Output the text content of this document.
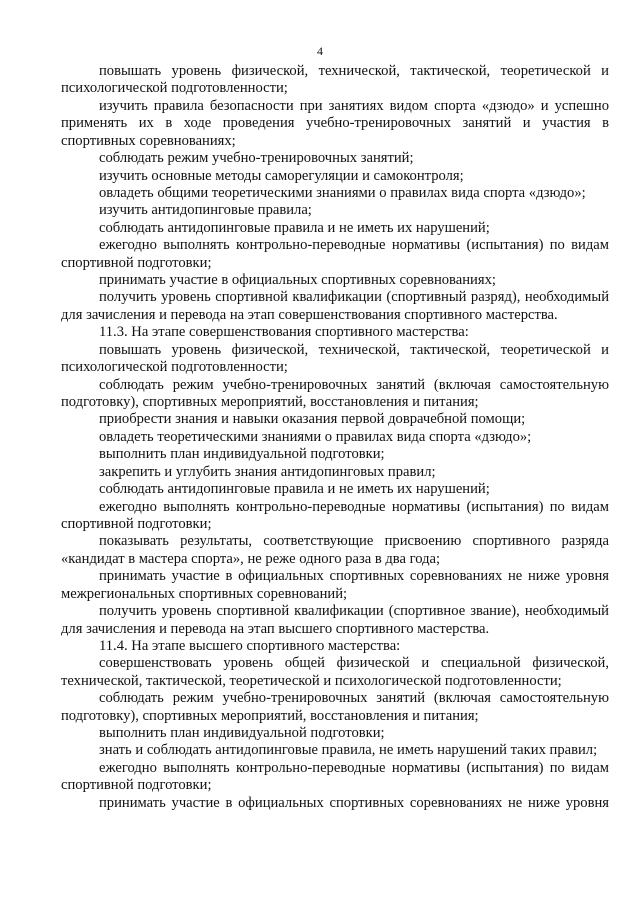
4

повышать уровень физической, технической, тактической, теоретической и психологической подготовленности;

изучить правила безопасности при занятиях видом спорта «дзюдо» и успешно применять их в ходе проведения учебно-тренировочных занятий и участия в спортивных соревнованиях;

соблюдать режим учебно-тренировочных занятий;

изучить основные методы саморегуляции и самоконтроля;

овладеть общими теоретическими знаниями о правилах вида спорта «дзюдо»;

изучить антидопинговые правила;

соблюдать антидопинговые правила и не иметь их нарушений;

ежегодно выполнять контрольно-переводные нормативы (испытания) по видам спортивной подготовки;

принимать участие в официальных спортивных соревнованиях;

получить уровень спортивной квалификации (спортивный разряд), необходимый для зачисления и перевода на этап совершенствования спортивного мастерства.

11.3. На этапе совершенствования спортивного мастерства:

повышать уровень физической, технической, тактической, теоретической и психологической подготовленности;

соблюдать режим учебно-тренировочных занятий (включая самостоятельную подготовку), спортивных мероприятий, восстановления и питания;

приобрести знания и навыки оказания первой доврачебной помощи;

овладеть теоретическими знаниями о правилах вида спорта «дзюдо»;

выполнить план индивидуальной подготовки;

закрепить и углубить знания антидопинговых правил;

соблюдать антидопинговые правила и не иметь их нарушений;

ежегодно выполнять контрольно-переводные нормативы (испытания) по видам спортивной подготовки;

показывать результаты, соответствующие присвоению спортивного разряда «кандидат в мастера спорта», не реже одного раза в два года;

принимать участие в официальных спортивных соревнованиях не ниже уровня межрегиональных спортивных соревнований;

получить уровень спортивной квалификации (спортивное звание), необходимый для зачисления и перевода на этап высшего спортивного мастерства.

11.4. На этапе высшего спортивного мастерства:

совершенствовать уровень общей физической и специальной физической, технической, тактической, теоретической и психологической подготовленности;

соблюдать режим учебно-тренировочных занятий (включая самостоятельную подготовку), спортивных мероприятий, восстановления и питания;

выполнить план индивидуальной подготовки;

знать и соблюдать антидопинговые правила, не иметь нарушений таких правил;

ежегодно выполнять контрольно-переводные нормативы (испытания) по видам спортивной подготовки;

принимать участие в официальных спортивных соревнованиях не ниже уровня
